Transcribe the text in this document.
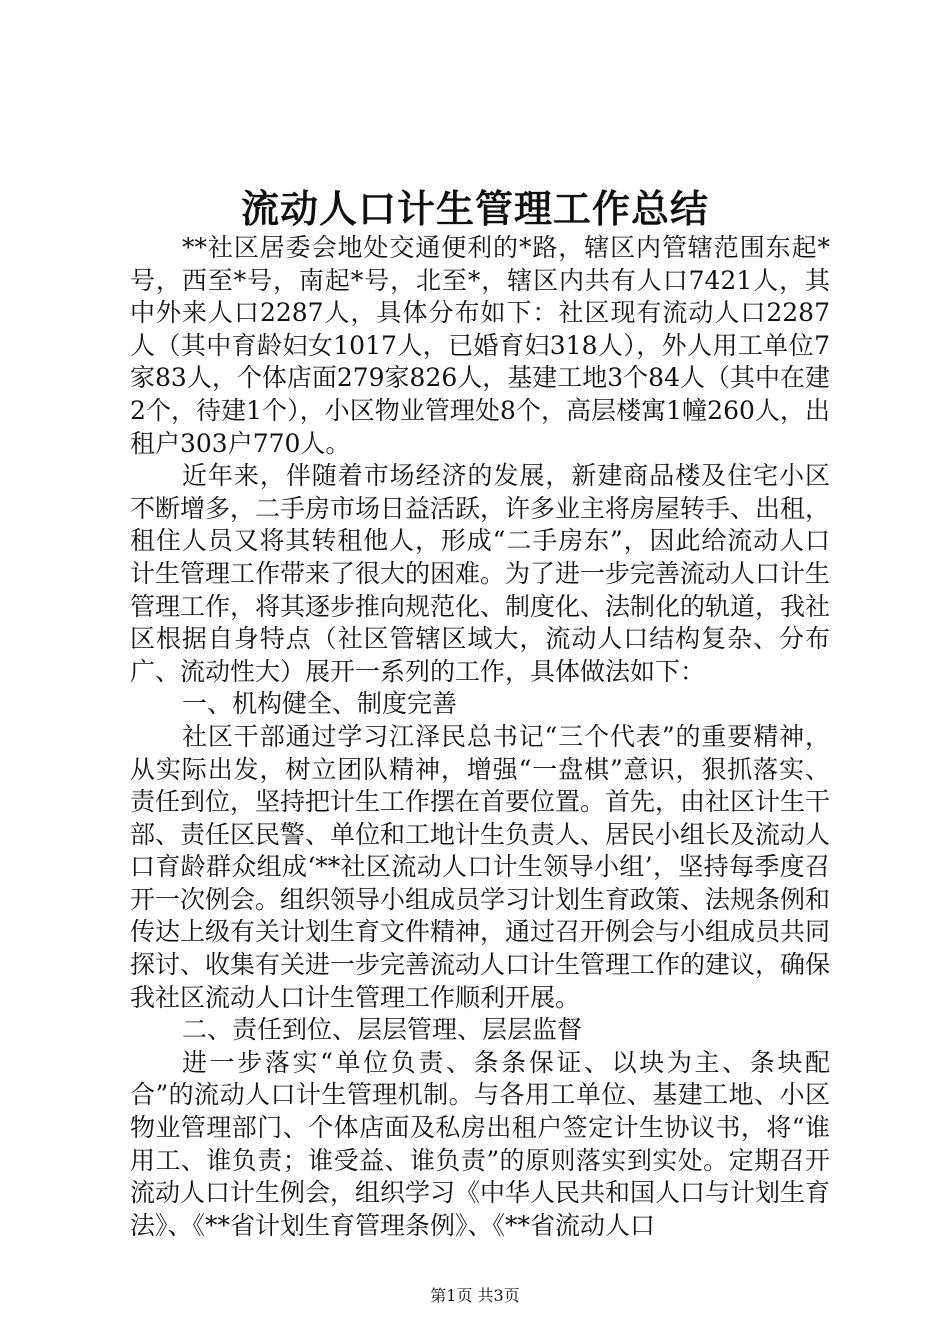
流动人口计生管理工作总结

**社区居委会地处交通便利的*路，辖区内管辖范围东起*号，西至*号，南起*号，北至*，辖区内共有人口7421人，其中外来人口2287人，具体分布如下：社区现有流动人口2287人（其中育龄妇女1017人，已婚育妇318人），外人用工单位7家83人，个体店面279家826人，基建工地3个84人（其中在建2个，待建1个），小区物业管理处8个，高层楼寓1幢260人，出租户303户770人。

近年来，伴随着市场经济的发展，新建商品楼及住宅小区不断增多，二手房市场日益活跃，许多业主将房屋转手、出租，租住人员又将其转租他人，形成“二手房东”，因此给流动人口计生管理工作带来了很大的困难。为了进一步完善流动人口计生管理工作，将其逐步推向规范化、制度化、法制化的轨道，我社区根据自身特点（社区管辖区域大，流动人口结构复杂、分布广、流动性大）展开一系列的工作，具体做法如下：

一、机构健全、制度完善

社区干部通过学习江泽民总书记“三个代表”的重要精神，从实际出发，树立团队精神，增强“一盘棋”意识，狠抓落实、责任到位，坚持把计生工作摆在首要位置。首先，由社区计生干部、责任区民警、单位和工地计生负责人、居民小组长及流动人口育龄群众组成‘**社区流动人口计生领导小组’，坚持每季度召开一次例会。组织领导小组成员学习计划生育政策、法规条例和传达上级有关计划生育文件精神，通过召开例会与小组成员共同探讨、收集有关进一步完善流动人口计生管理工作的建议，确保我社区流动人口计生管理工作顺利开展。

二、责任到位、层层管理、层层监督

进一步落实“单位负责、条条保证、以块为主、条块配合”的流动人口计生管理机制。与各用工单位、基建工地、小区物业管理部门、个体店面及私房出租户签定计生协议书，将“谁用工、谁负责；谁受益、谁负责”的原则落实到实处。定期召开流动人口计生例会，组织学习《中华人民共和国人口与计划生育法》、《**省计划生育管理条例》、《**省流动人口

第1页 共3页
